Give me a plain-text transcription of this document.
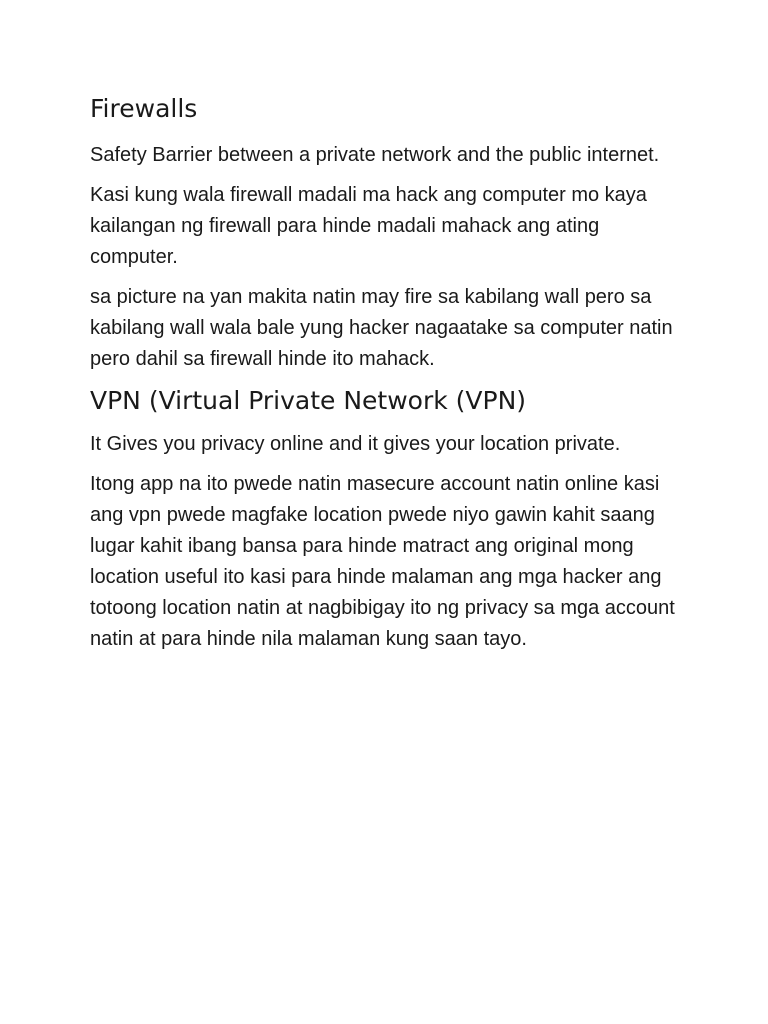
Firewalls

Safety Barrier between a private network and the public internet.

Kasi kung wala firewall madali ma hack ang computer mo kaya kailangan ng firewall para hinde madali mahack ang ating computer.

sa picture na yan makita natin may fire sa kabilang wall pero sa kabilang wall wala bale yung hacker nagaatake sa computer natin pero dahil sa firewall hinde ito mahack.

VPN (Virtual Private Network (VPN)

It Gives you privacy online and it gives your location private.

Itong app na ito pwede natin masecure account natin online kasi ang vpn pwede magfake location pwede niyo gawin kahit saang lugar kahit ibang bansa para hinde matract ang original mong location useful ito kasi para hinde malaman ang mga hacker ang totoong location natin at nagbibigay ito ng privacy sa mga account natin at para hinde nila malaman kung saan tayo.
